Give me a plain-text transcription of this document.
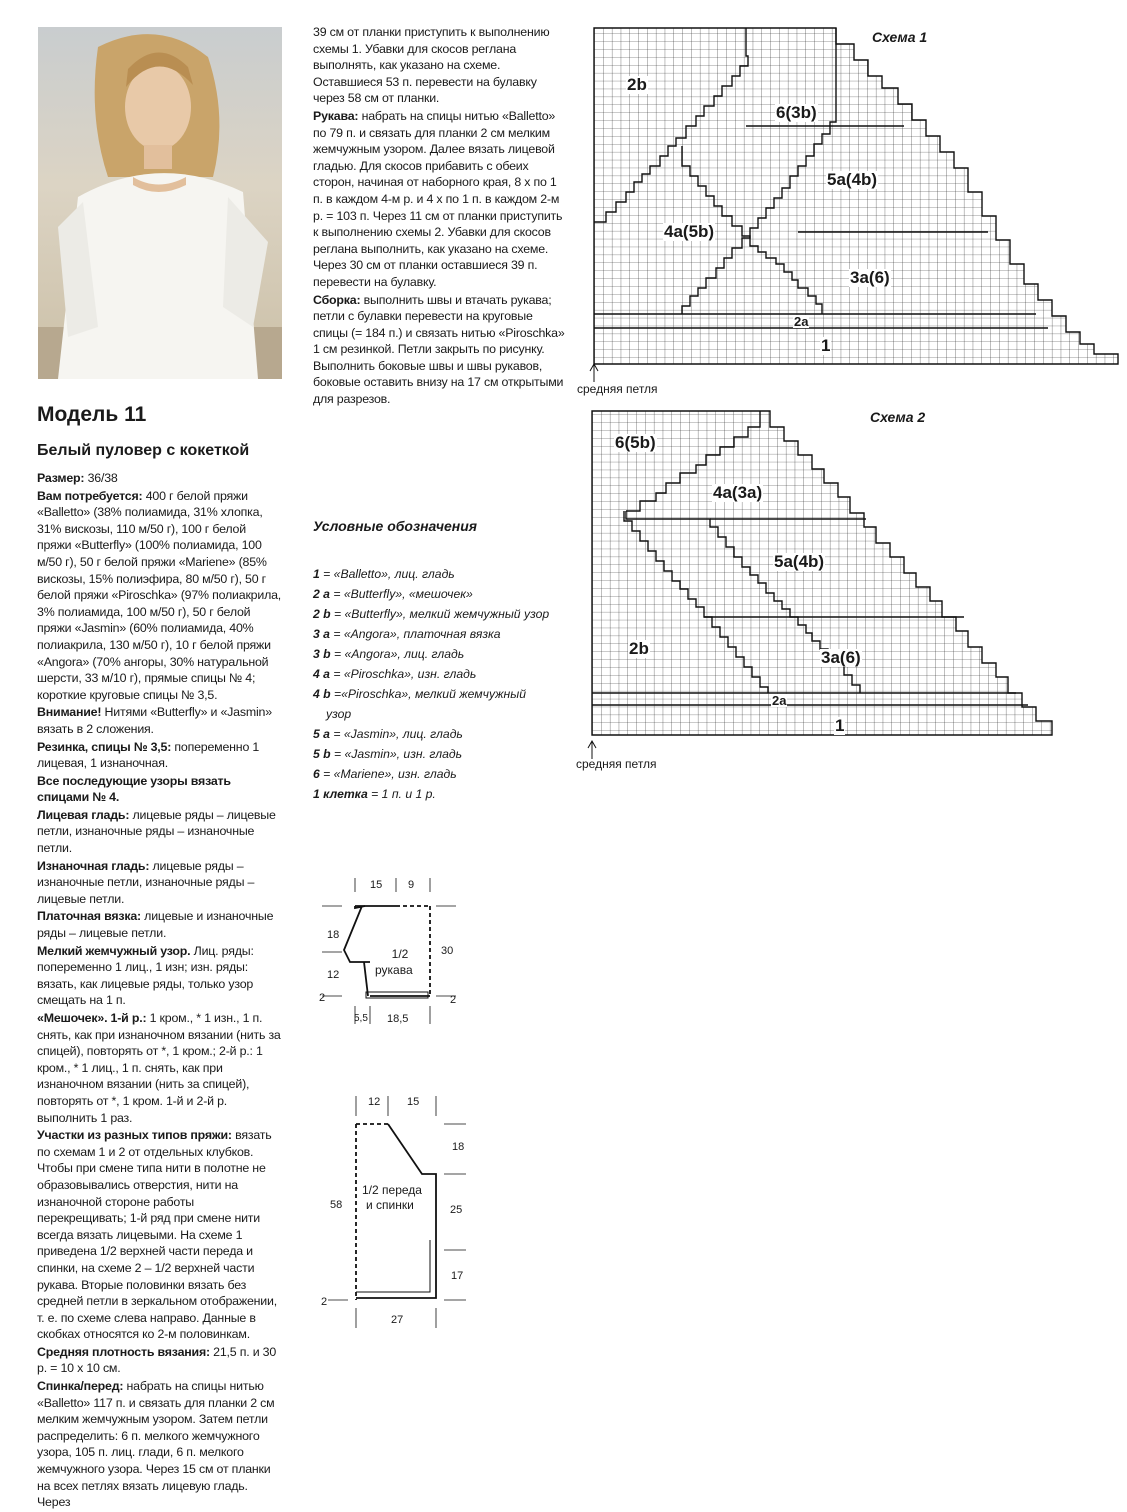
Модель 11
Белый пуловер с кокеткой

Размер: 36/38

Вам потребуется: 400 г белой пряжи «Balletto» (38% полиамида, 31% хлопка, 31% вискозы, 110 м/50 г), 100 г белой пряжи «Butterfly» (100% полиамида, 100 м/50 г), 50 г белой пряжи «Mariene» (85% вискозы, 15% полиэфира, 80 м/50 г), 50 г белой пряжи «Piroschka» (97% полиакрила, 3% полиамида, 100 м/50 г), 50 г белой пряжи «Jasmin» (60% полиамида, 40% полиакрила, 130 м/50 г), 10 г белой пряжи «Angora» (70% ангоры, 30% натуральной шерсти, 33 м/10 г), прямые спицы № 4; короткие круговые спицы № 3,5.

Внимание! Нитями «Butterfly» и «Jasmin» вязать в 2 сложения.

Резинка, спицы № 3,5: попеременно 1 лицевая, 1 изнаночная.

Все последующие узоры вязать спицами № 4.

Лицевая гладь: лицевые ряды – лицевые петли, изнаночные ряды – изнаночные петли.

Изнаночная гладь: лицевые ряды – изнаночные петли, изнаночные ряды – лицевые петли.

Платочная вязка: лицевые и изнаночные ряды – лицевые петли.

Мелкий жемчужный узор. Лиц. ряды: попеременно 1 лиц., 1 изн; изн. ряды: вязать, как лицевые ряды, только узор смещать на 1 п.

«Мешочек». 1-й р.: 1 кром., * 1 изн., 1 п. снять, как при изнаночном вязании (нить за спицей), повторять от *, 1 кром.; 2-й р.: 1 кром., * 1 лиц., 1 п. снять, как при изнаночном вязании (нить за спицей), повторять от *, 1 кром. 1-й и 2-й р. выполнить 1 раз.

Участки из разных типов пряжи: вязать по схемам 1 и 2 от отдельных клубков. Чтобы при смене типа нити в полотне не образовывались отверстия, нити на изнаночной стороне работы перекрещивать; 1-й ряд при смене нити всегда вязать лицевыми. На схеме 1 приведена 1/2 верхней части переда и спинки, на схеме 2 – 1/2 верхней части рукава. Вторые половинки вязать без средней петли в зеркальном отображении, т. е. по схеме слева направо. Данные в скобках относятся ко 2-м половинкам.

Средняя плотность вязания: 21,5 п. и 30 р. = 10 х 10 см.

Спинка/перед: набрать на спицы нитью «Balletto» 117 п. и связать для планки 2 см мелким жемчужным узором. Затем петли распределить: 6 п. мелкого жемчужного узора, 105 п. лиц. глади, 6 п. мелкого жемчужного узора. Через 15 см от планки на всех петлях вязать лицевую гладь. Через

39 см от планки приступить к выполнению схемы 1. Убавки для скосов реглана выполнять, как указано на схеме. Оставшиеся 53 п. перевести на булавку через 58 см от планки.

Рукава: набрать на спицы нитью «Balletto» по 79 п. и связать для планки 2 см мелким жемчужным узором. Далее вязать лицевой гладью. Для скосов прибавить с обеих сторон, начиная от наборного края, 8 х по 1 п. в каждом 4-м р. и 4 х по 1 п. в каждом 2-м р. = 103 п. Через 11 см от планки приступить к выполнению схемы 2. Убавки для скосов реглана выполнить, как указано на схеме. Через 30 см от планки оставшиеся 39 п. перевести на булавку.

Сборка: выполнить швы и втачать рукава; петли с булавки перевести на круговые спицы (= 184 п.) и связать нитью «Piroschka» 1 см резинкой. Петли закрыть по рисунку. Выполнить боковые швы и швы рукавов, боковые оставить внизу на 17 см открытыми для разрезов.

Условные обозначения
1 = «Balletto», лиц. гладь
2 a = «Butterfly», «мешочек»
2 b = «Butterfly», мелкий жемчужный узор
3 a = «Angora», платочная вязка
3 b = «Angora», лиц. гладь
4 a = «Piroschka», изн. гладь
4 b =«Piroschka», мелкий жемчужный
узор
5 a = «Jasmin», лиц. гладь
5 b = «Jasmin», изн. гладь
6 = «Mariene», изн. гладь
1 клетка = 1 п. и 1 р.
Схема 1
2b
6(3b)
5a(4b)
4a(5b)
3a(6)
2a
1
средняя петля
Схема 2
6(5b)
4a(3a)
5a(4b)
2b	3a(6)
2a
1
средняя петля
15 9
18
12
30
2	2
5,5 18,5
1/2
рукава
12 15
58
18
25
17
2
27
1/2 переда
и спинки
